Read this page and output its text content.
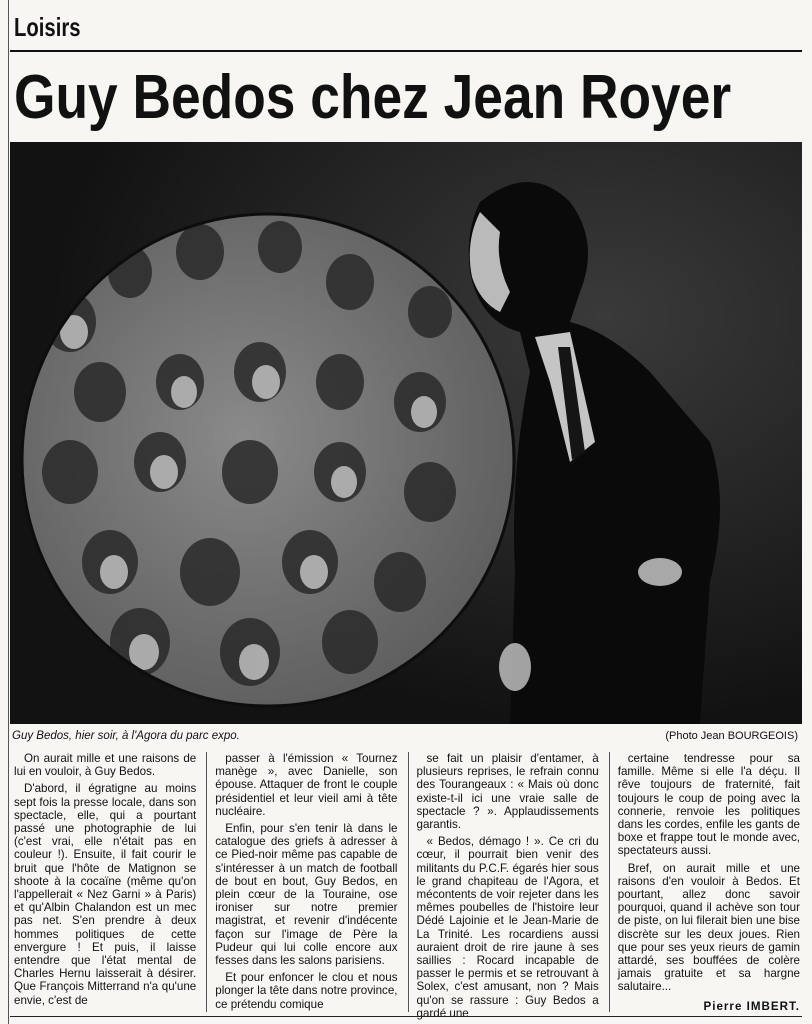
Loisirs
Guy Bedos chez Jean Royer
Guy Bedos, hier soir, à l'Agora du parc expo.	(Photo Jean BOURGEOIS)

On aurait mille et une raisons de lui en vouloir, à Guy Bedos.

D'abord, il égratigne au moins sept fois la presse locale, dans son spectacle, elle, qui a pourtant passé une photographie de lui (c'est vrai, elle n'était pas en couleur !). Ensuite, il fait courir le bruit que l'hôte de Matignon se shoote à la cocaïne (même qu'on l'appellerait « Nez Garni » à Paris) et qu'Albin Chalandon est un mec pas net. S'en prendre à deux hommes politiques de cette envergure ! Et puis, il laisse entendre que l'état mental de Charles Hernu laisserait à désirer. Que François Mitterrand n'a qu'une envie, c'est de

passer à l'émission « Tournez manège », avec Danielle, son épouse. Attaquer de front le couple présidentiel et leur vieil ami à tête nucléaire.

Enfin, pour s'en tenir là dans le catalogue des griefs à adresser à ce Pied-noir même pas capable de s'intéresser à un match de football de bout en bout, Guy Bedos, en plein cœur de la Touraine, ose ironiser sur notre premier magistrat, et revenir d'indécente façon sur l'image de Père la Pudeur qui lui colle encore aux fesses dans les salons parisiens.

Et pour enfoncer le clou et nous plonger la tête dans notre province, ce prétendu comique

se fait un plaisir d'entamer, à plusieurs reprises, le refrain connu des Tourangeaux : « Mais où donc existe-t-il ici une vraie salle de spectacle ? ». Applaudissements garantis.

« Bedos, démago ! ». Ce cri du cœur, il pourrait bien venir des militants du P.C.F. égarés hier sous le grand chapiteau de l'Agora, et mécontents de voir rejeter dans les mêmes poubelles de l'histoire leur Dédé Lajoinie et le Jean-Marie de La Trinité. Les rocardiens aussi auraient droit de rire jaune à ses saillies : Rocard incapable de passer le permis et se retrouvant à Solex, c'est amusant, non ? Mais qu'on se rassure : Guy Bedos a gardé une

certaine tendresse pour sa famille. Même si elle l'a déçu. Il rêve toujours de fraternité, fait toujours le coup de poing avec la connerie, renvoie les politiques dans les cordes, enfile les gants de boxe et frappe tout le monde avec, spectateurs aussi.

Bref, on aurait mille et une raisons d'en vouloir à Bedos. Et pourtant, allez donc savoir pourquoi, quand il achève son tour de piste, on lui filerait bien une bise discrète sur les deux joues. Rien que pour ses yeux rieurs de gamin attardé, ses bouffées de colère jamais gratuite et sa hargne salutaire...

Pierre IMBERT.
